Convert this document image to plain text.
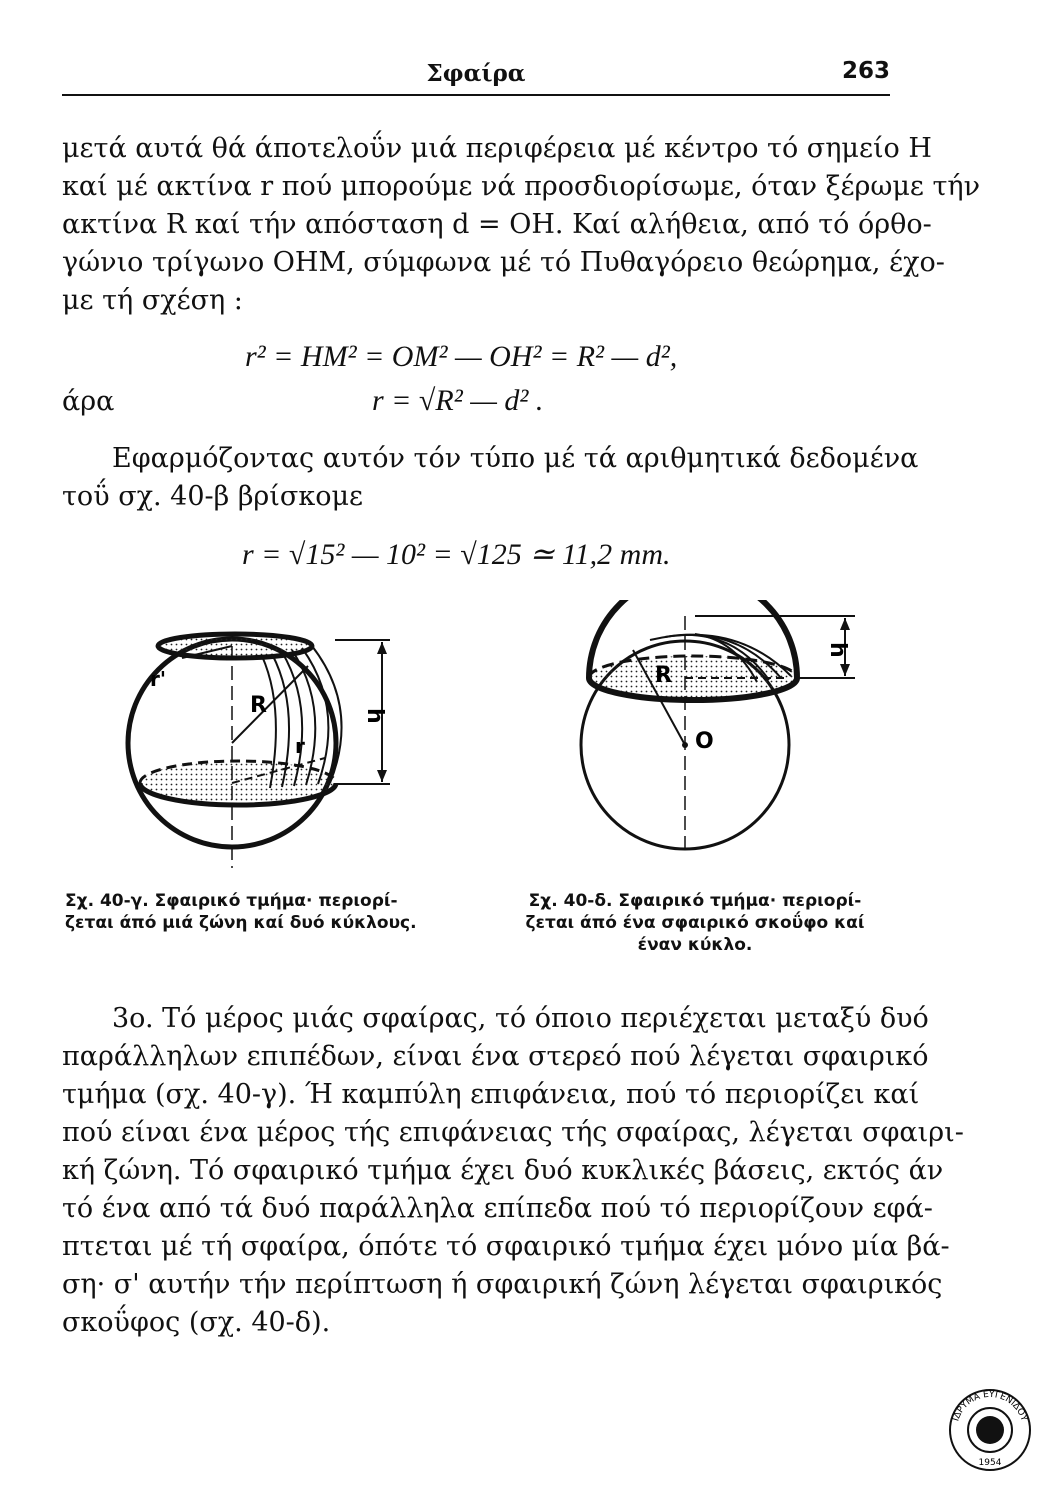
Σφαίρα	263

μετά αυτά θά άποτελοΰν μιά περιφέρεια μέ κέντρο τό σημείο Η
καί μέ ακτίνα r πού μπορούμε νά προσδιορίσωμε, όταν ξέρωμε τήν
ακτίνα R καί τήν απόσταση d = ΟΗ. Καί αλήθεια, από τό όρθο-
γώνιο τρίγωνο ΟΗΜ, σύμφωνα μέ τό Πυθαγόρειο θεώρημα, έχο-
με τή σχέση :

r² = HM² = OM² — OH² = R² — d²,
άρα	r = √R² — d² .

Εφαρμόζοντας αυτόν τόν τύπο μέ τά αριθμητικά δεδομένα
τοΰ σχ. 40-β βρίσκομε

r = √15² — 10² = √125 ≃ 11,2 mm.
r'
R
r
h
R
O
h
Σχ. 40-γ. Σφαιρικό τμήμα· περιορί-
ζεται άπό μιά ζώνη καί δυό κύκλους.
Σχ. 40-δ. Σφαιρικό τμήμα· περιορί-
ζεται άπό ένα σφαιρικό σκοΰφο καί
έναν κύκλο.

3o. Τό μέρος μιάς σφαίρας, τό όποιο περιέχεται μεταξύ δυό
παράλληλων επιπέδων, είναι ένα στερεό πού λέγεται σφαιρικό
τμήμα (σχ. 40-γ). Ή καμπύλη επιφάνεια, πού τό περιορίζει καί
πού είναι ένα μέρος τής επιφάνειας τής σφαίρας, λέγεται σφαιρι-
κή ζώνη. Τό σφαιρικό τμήμα έχει δυό κυκλικές βάσεις, εκτός άν
τό ένα από τά δυό παράλληλα επίπεδα πού τό περιορίζουν εφά-
πτεται μέ τή σφαίρα, όπότε τό σφαιρικό τμήμα έχει μόνο μία βά-
ση· σ' αυτήν τήν περίπτωση ή σφαιρική ζώνη λέγεται σφαιρικός
σκοΰφος (σχ. 40-δ).

ΙΔΡΥΜΑ ΕΥΓΕΝΙΔΟΥ
1954
